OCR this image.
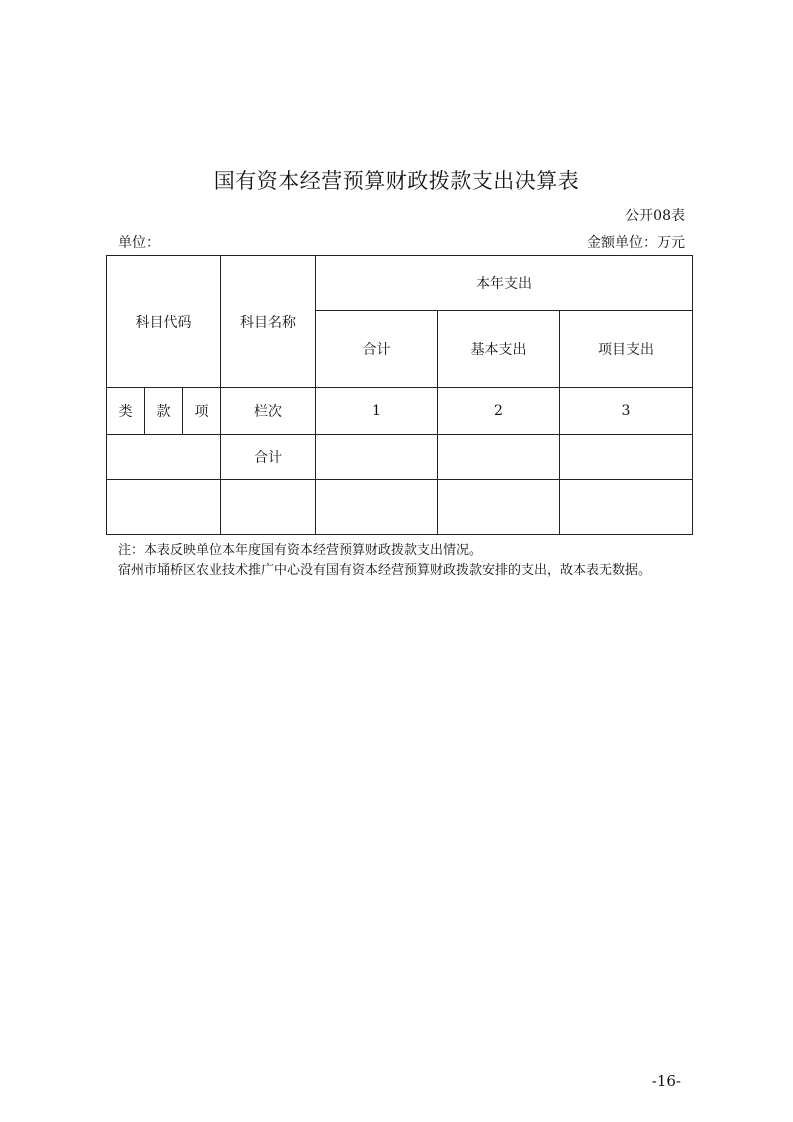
国有资本经营预算财政拨款支出决算表
公开08表
单位：	金额单位：万元
科目代码			科目名称	本年支出		
				合计	基本支出	项目支出
类	款	项	栏次	1	2	3
			合计			

注：本表反映单位本年度国有资本经营预算财政拨款支出情况。
宿州市埇桥区农业技术推广中心没有国有资本经营预算财政拨款安排的支出，故本表无数据。
-16-
